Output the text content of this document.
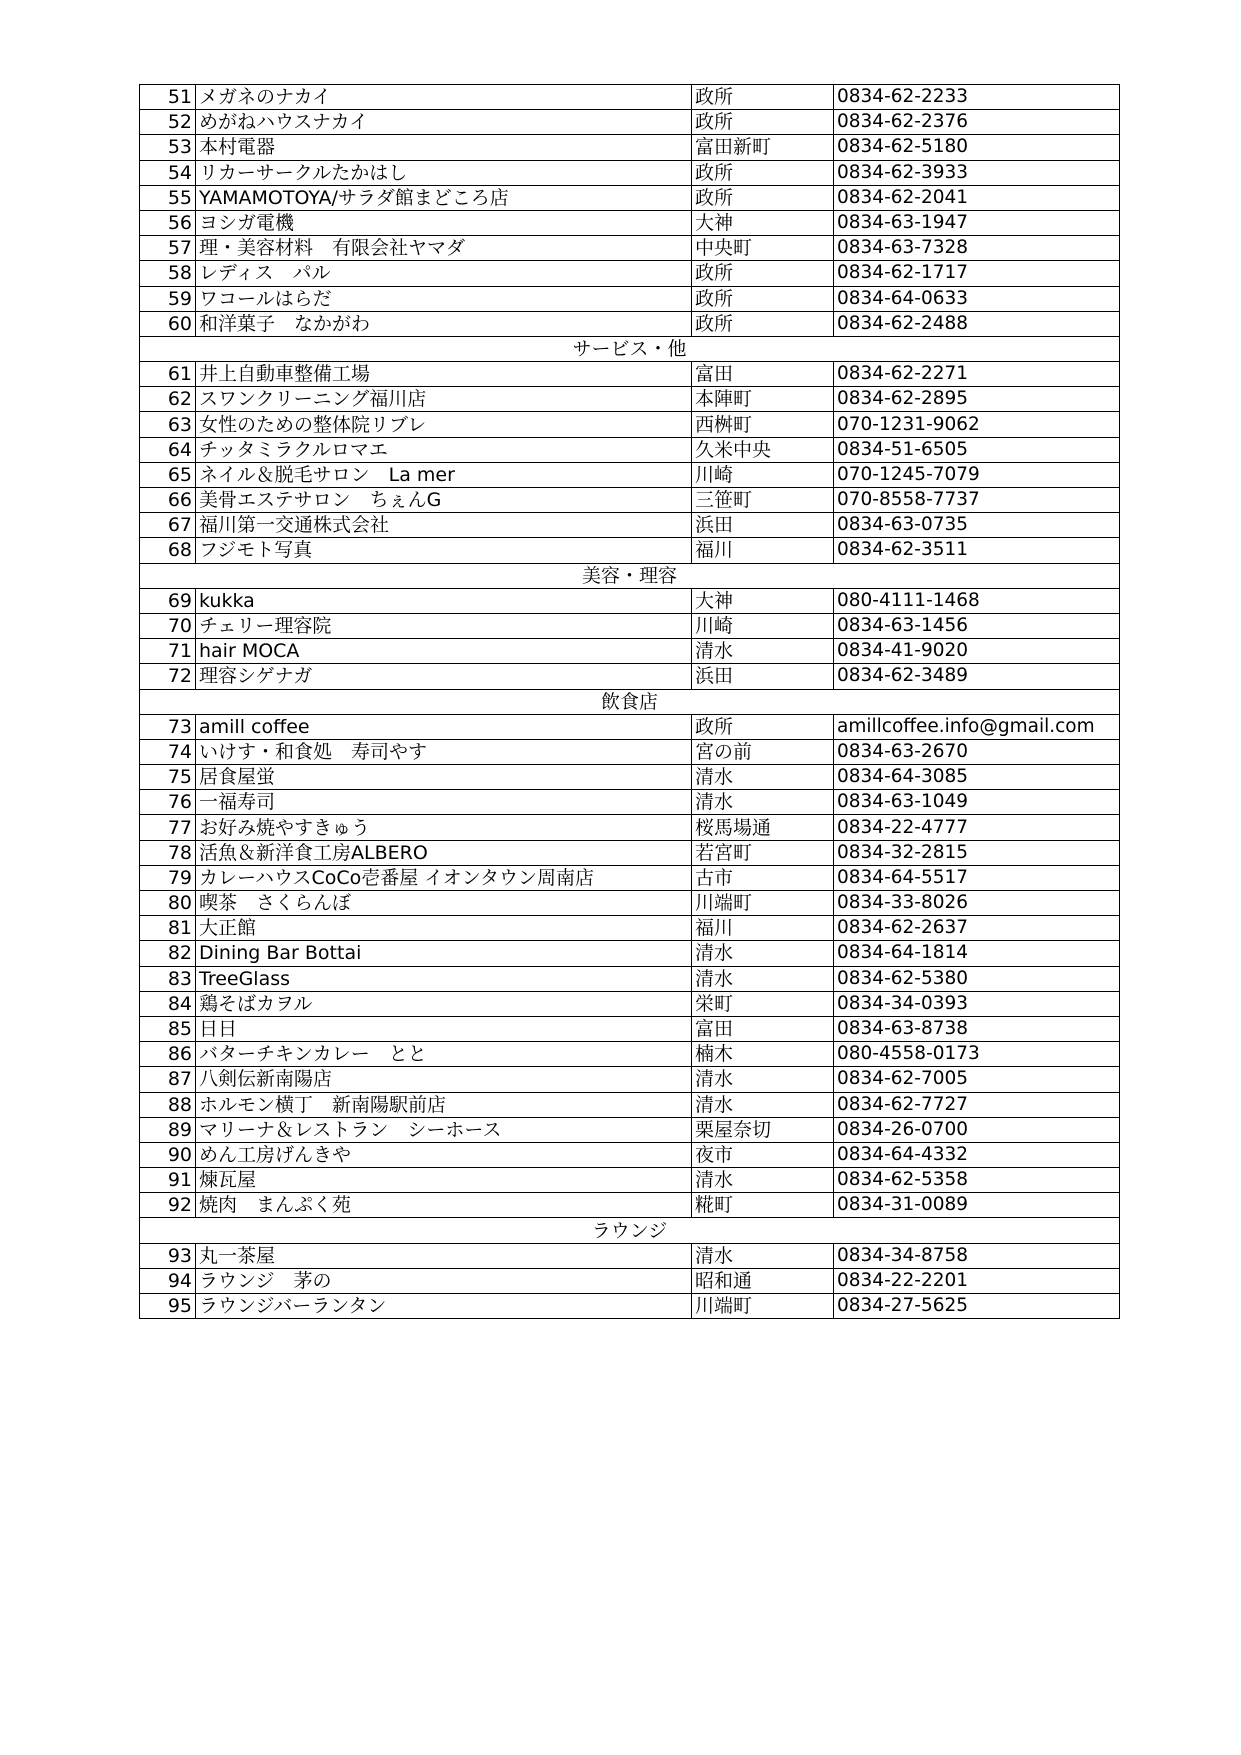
51	メガネのナカイ	政所	0834-62-2233
52	めがねハウスナカイ	政所	0834-62-2376
53	本村電器	富田新町	0834-62-5180
54	リカーサークルたかはし	政所	0834-62-3933
55	YAMAMOTOYA/サラダ館まどころ店	政所	0834-62-2041
56	ヨシガ電機	大神	0834-63-1947
57	理・美容材料　有限会社ヤマダ	中央町	0834-63-7328
58	レディス　パル	政所	0834-62-1717
59	ワコールはらだ	政所	0834-64-0633
60	和洋菓子　なかがわ	政所	0834-62-2488
サービス・他			
61	井上自動車整備工場	富田	0834-62-2271
62	スワンクリーニング福川店	本陣町	0834-62-2895
63	女性のための整体院リブレ	西桝町	070-1231-9062
64	チッタミラクルロマエ	久米中央	0834-51-6505
65	ネイル＆脱毛サロン　La mer	川崎	070-1245-7079
66	美骨エステサロン　ちぇんG	三笹町	070-8558-7737
67	福川第一交通株式会社	浜田	0834-63-0735
68	フジモト写真	福川	0834-62-3511
美容・理容			
69	kukka	大神	080-4111-1468
70	チェリー理容院	川崎	0834-63-1456
71	hair MOCA	清水	0834-41-9020
72	理容シゲナガ	浜田	0834-62-3489
飲食店			
73	amill coffee	政所	amillcoffee.info@gmail.com
74	いけす・和食処　寿司やす	宮の前	0834-63-2670
75	居食屋蛍	清水	0834-64-3085
76	一福寿司	清水	0834-63-1049
77	お好み焼やすきゅう	桜馬場通	0834-22-4777
78	活魚＆新洋食工房ALBERO	若宮町	0834-32-2815
79	カレーハウスCoCo壱番屋 イオンタウン周南店	古市	0834-64-5517
80	喫茶　さくらんぼ	川端町	0834-33-8026
81	大正館	福川	0834-62-2637
82	Dining Bar Bottai	清水	0834-64-1814
83	TreeGlass	清水	0834-62-5380
84	鶏そばカヲル	栄町	0834-34-0393
85	日日	富田	0834-63-8738
86	バターチキンカレー　とと	楠木	080-4558-0173
87	八剣伝新南陽店	清水	0834-62-7005
88	ホルモン横丁　新南陽駅前店	清水	0834-62-7727
89	マリーナ＆レストラン　シーホース	栗屋奈切	0834-26-0700
90	めん工房げんきや	夜市	0834-64-4332
91	煉瓦屋	清水	0834-62-5358
92	焼肉　まんぷく苑	糀町	0834-31-0089
ラウンジ			
93	丸一茶屋	清水	0834-34-8758
94	ラウンジ　茅の	昭和通	0834-22-2201
95	ラウンジバーランタン	川端町	0834-27-5625
